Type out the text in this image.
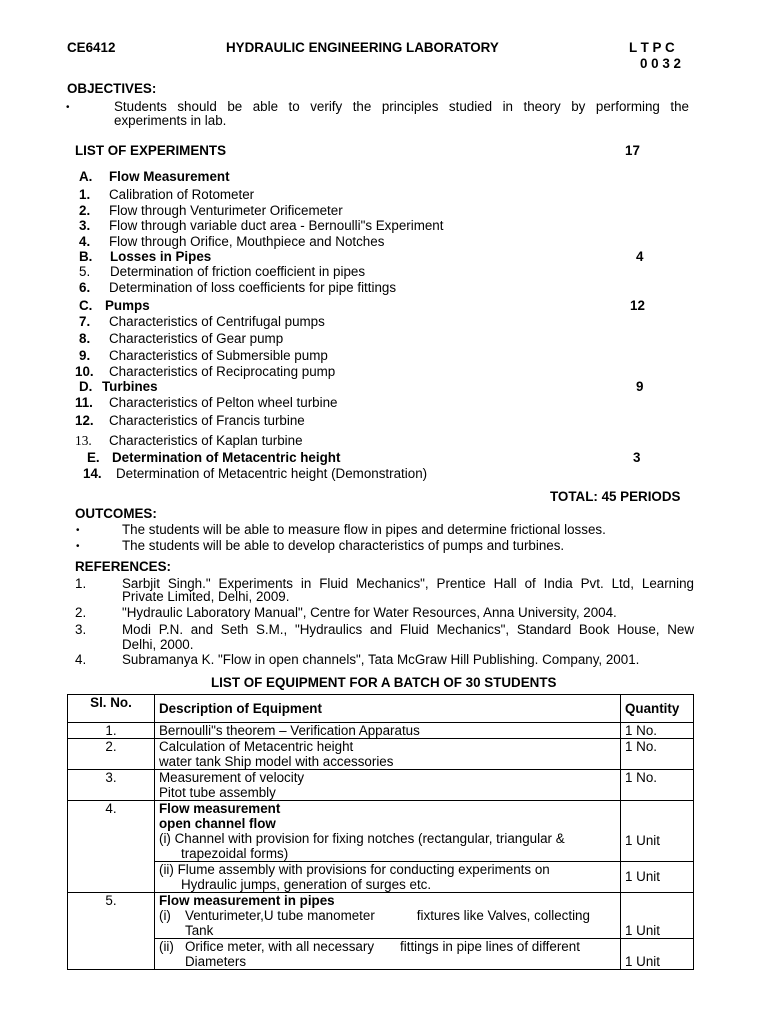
CE6412	HYDRAULIC ENGINEERING LABORATORY	L T P C
0 0 3 2
OBJECTIVES:
•	Students should be able to verify the principles studied in theory by performing the
experiments in lab.
LIST OF EXPERIMENTS	17
A. Flow Measurement
1. Calibration of Rotometer
2. Flow through Venturimeter Orificemeter
3. Flow through variable duct area - Bernoulli"s Experiment
4. Flow through Orifice, Mouthpiece and Notches
B. Losses in Pipes	4
5. Determination of friction coefficient in pipes
6. Determination of loss coefficients for pipe fittings
C. Pumps	12
7. Characteristics of Centrifugal pumps
8. Characteristics of Gear pump
9. Characteristics of Submersible pump
10. Characteristics of Reciprocating pump
D. Turbines	9
11. Characteristics of Pelton wheel turbine
12. Characteristics of Francis turbine
13. Characteristics of Kaplan turbine
E. Determination of Metacentric height	3
14. Determination of Metacentric height (Demonstration)
TOTAL: 45 PERIODS
OUTCOMES:
•	The students will be able to measure flow in pipes and determine frictional losses.
•	The students will be able to develop characteristics of pumps and turbines.
REFERENCES:
1.	Sarbjit Singh." Experiments in Fluid Mechanics", Prentice Hall of India Pvt. Ltd, Learning
Private Limited, Delhi, 2009.
2.	"Hydraulic Laboratory Manual", Centre for Water Resources, Anna University, 2004.
3.	Modi P.N. and Seth S.M., "Hydraulics and Fluid Mechanics", Standard Book House, New
Delhi, 2000.
4.	Subramanya K. "Flow in open channels", Tata McGraw Hill Publishing. Company, 2001.
LIST OF EQUIPMENT FOR A BATCH OF 30 STUDENTS
Sl. No.	Description of Equipment	Quantity
1.	Bernoulli"s theorem – Verification Apparatus	1 No.
2.	Calculation of Metacentric height
water tank Ship model with accessories	1 No.
3.	Measurement of velocity
Pitot tube assembly	1 No.
4.	Flow measurement
open channel flow
(i) Channel with provision for fixing notches (rectangular, triangular &
trapezoidal forms)	1 Unit

	(ii) Flume assembly with provisions for conducting experiments on
Hydraulic jumps, generation of surges etc.	1 Unit
5.	Flow measurement in pipes
(i) Venturimeter,U tube manometer fixtures like Valves, collecting
Tank	1 Unit

	(ii) Orifice meter, with all necessary fittings in pipe lines of different
Diameters	1 Unit
